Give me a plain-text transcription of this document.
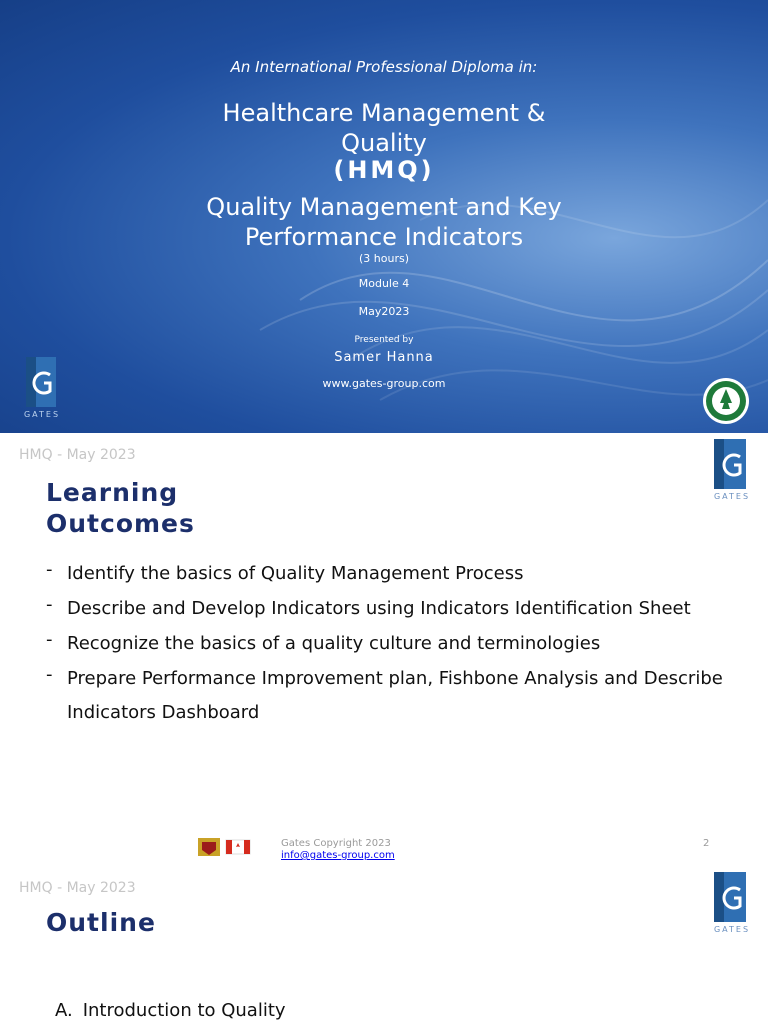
An International Professional Diploma in:
Healthcare Management &
Quality
(HMQ)
Quality Management and Key
Performance Indicators
(3 hours)
Module 4
May2023
Presented by
Samer Hanna
www.gates-group.com
GATES
HMQ - May 2023
GATES
Learning
Outcomes
- Identify the basics of Quality Management Process
- Describe and Develop Indicators using Indicators Identification Sheet
- Recognize the basics of a quality culture and terminologies
- Prepare Performance Improvement plan, Fishbone Analysis and Describe Indicators Dashboard
Gates Copyright 2023
info@gates-group.com
2
HMQ - May 2023
GATES
Outline
A. Introduction to Quality
